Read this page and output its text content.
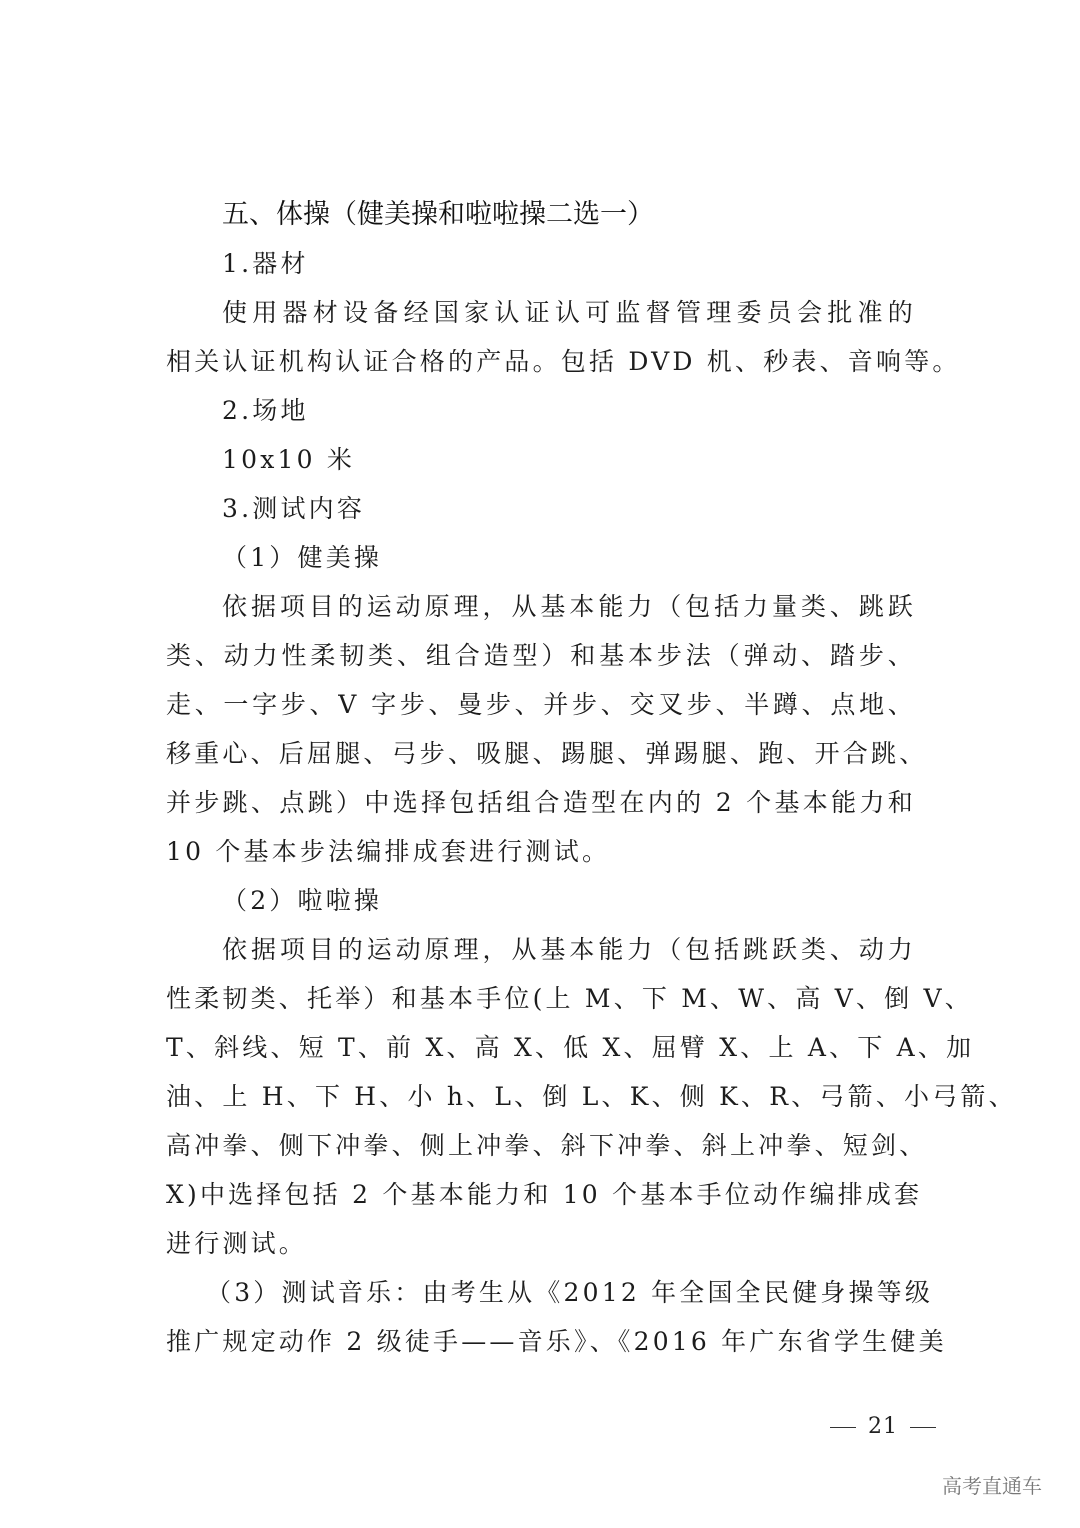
五、体操（健美操和啦啦操二选一）
1.器材
使用器材设备经国家认证认可监督管理委员会批准的
相关认证机构认证合格的产品。包括 DVD 机、秒表、音响等。
2.场地
10x10 米
3.测试内容
（1）健美操
依据项目的运动原理，从基本能力（包括力量类、跳跃
类、动力性柔韧类、组合造型）和基本步法（弹动、踏步、
走、一字步、V 字步、曼步、并步、交叉步、半蹲、点地、
移重心、后屈腿、弓步、吸腿、踢腿、弹踢腿、跑、开合跳、
并步跳、点跳）中选择包括组合造型在内的 2 个基本能力和
10 个基本步法编排成套进行测试。
（2）啦啦操
依据项目的运动原理，从基本能力（包括跳跃类、动力
性柔韧类、托举）和基本手位(上 M、下 M、W、高 V、倒 V、
T、斜线、短 T、前 X、高 X、低 X、屈臂 X、上 A、下 A、加
油、上 H、下 H、小 h、L、倒 L、K、侧 K、R、弓箭、小弓箭、
高冲拳、侧下冲拳、侧上冲拳、斜下冲拳、斜上冲拳、短剑、
X)中选择包括 2 个基本能力和 10 个基本手位动作编排成套
进行测试。
（3）测试音乐：由考生从《2012 年全国全民健身操等级
推广规定动作 2 级徒手——音乐》、《2016 年广东省学生健美
21
高考直通车
